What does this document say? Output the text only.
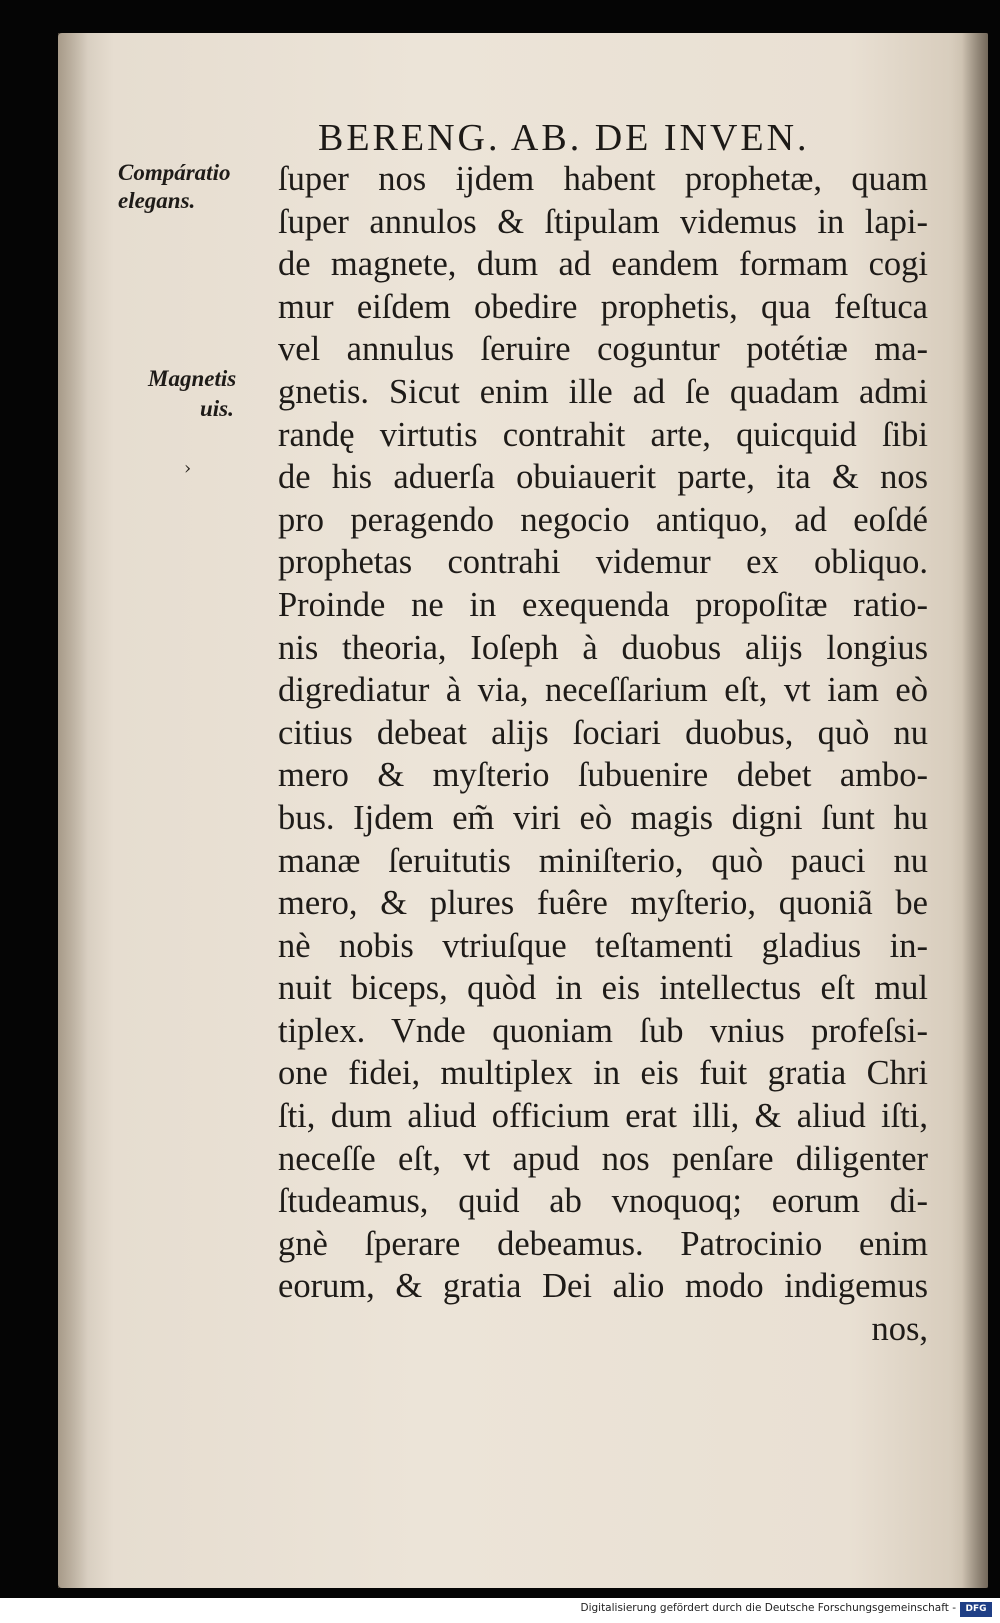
BERENG. AB. DE INVEN.
Compáratio
elegans.
Magnetis
uis.
›
ſuper nos ijdem habent prophetæ, quam
ſuper annulos & ſtipulam videmus in lapi-
de magnete, dum ad eandem formam cogi
mur eiſdem obedire prophetis, qua feſtuca
vel annulus ſeruire coguntur potétiæ ma-
gnetis. Sicut enim ille ad ſe quadam admi
randę virtutis contrahit arte, quicquid ſibi
de his aduerſa obuiauerit parte, ita & nos
pro peragendo negocio antiquo, ad eoſdé
prophetas contrahi videmur ex obliquo.
Proinde ne in exequenda propoſitæ ratio-
nis theoria, Ioſeph à duobus alijs longius
digrediatur à via, neceſſarium eſt, vt iam eò
citius debeat alijs ſociari duobus, quò nu
mero & myſterio ſubuenire debet ambo-
bus. Ijdem em̃ viri eò magis digni ſunt hu
manæ ſeruitutis miniſterio, quò pauci nu
mero, & plures fuêre myſterio, quoniã be
nè nobis vtriuſque teſtamenti gladius in-
nuit biceps, quòd in eis intellectus eſt mul
tiplex. Vnde quoniam ſub vnius profeſsi-
one fidei, multiplex in eis fuit gratia Chri
ſti, dum aliud officium erat illi, & aliud iſti,
neceſſe eſt, vt apud nos penſare diligenter
ſtudeamus, quid ab vnoquoq; eorum di-
gnè ſperare debeamus. Patrocinio enim
eorum, & gratia Dei alio modo indigemus
nos,
Digitalisierung gefördert durch die Deutsche Forschungsgemeinschaft -	DFG
